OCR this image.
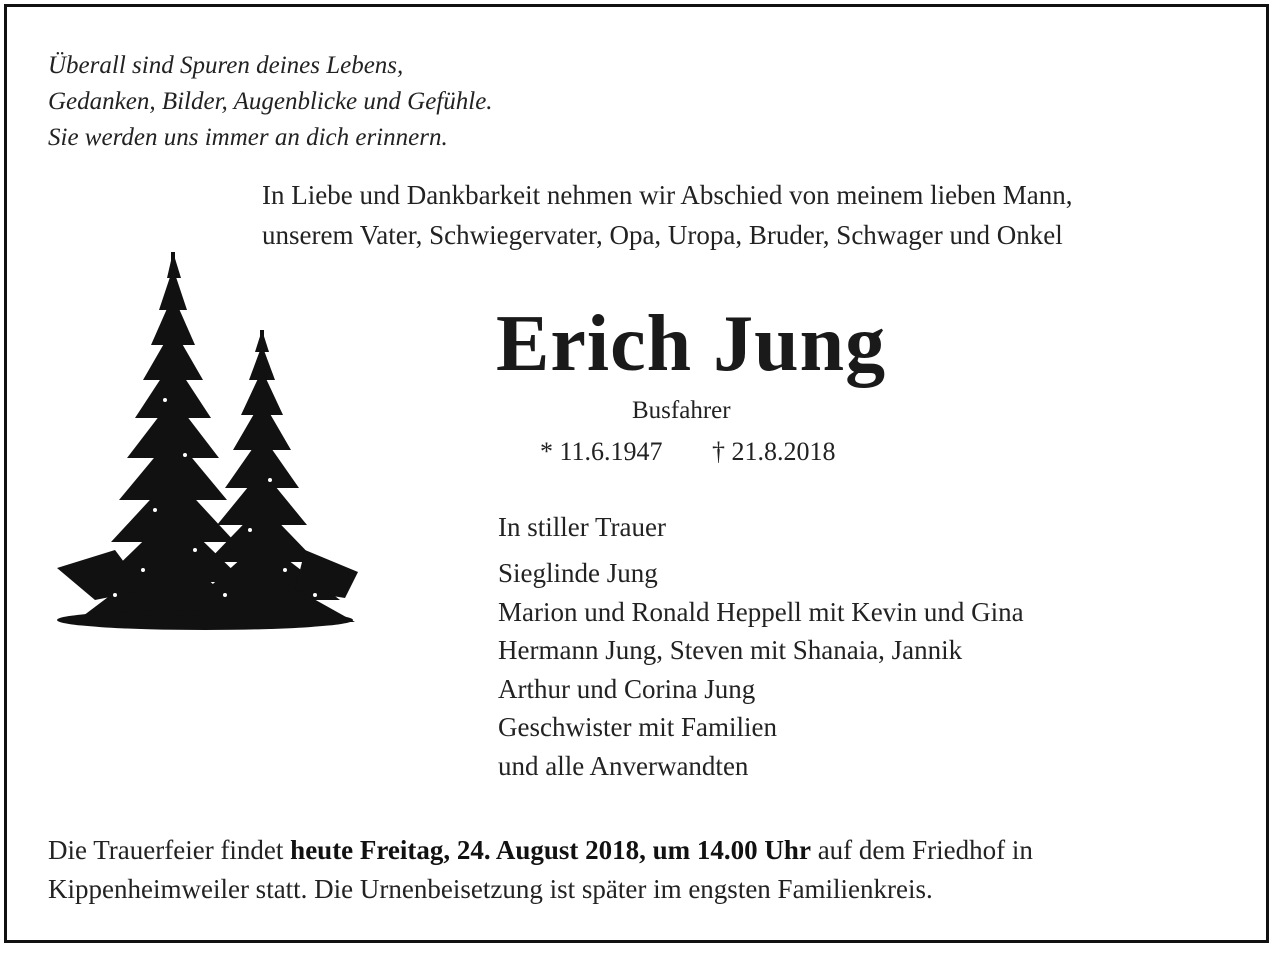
Überall sind Spuren deines Lebens,
Gedanken, Bilder, Augenblicke und Gefühle.
Sie werden uns immer an dich erinnern.
In Liebe und Dankbarkeit nehmen wir Abschied von meinem lieben Mann,
unserem Vater, Schwiegervater, Opa, Uropa, Bruder, Schwager und Onkel
Erich Jung
Busfahrer
* 11.6.1947 † 21.8.2018
In stiller Trauer
Sieglinde Jung
Marion und Ronald Heppell mit Kevin und Gina
Hermann Jung, Steven mit Shanaia, Jannik
Arthur und Corina Jung
Geschwister mit Familien
und alle Anverwandten
Die Trauerfeier findet heute Freitag, 24. August 2018, um 14.00 Uhr auf dem Friedhof in
Kippenheimweiler statt. Die Urnenbeisetzung ist später im engsten Familienkreis.
